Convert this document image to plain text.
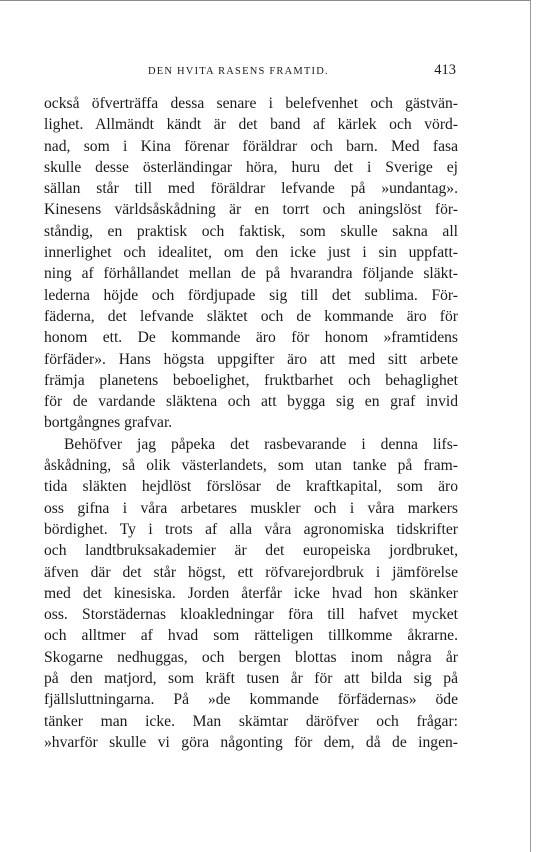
DEN HVITA RASENS FRAMTID.	413
också öfverträffa dessa senare i belefvenhet och gästvän-
lighet. Allmändt kändt är det band af kärlek och vörd-
nad, som i Kina förenar föräldrar och barn. Med fasa
skulle desse österländingar höra, huru det i Sverige ej
sällan står till med föräldrar lefvande på »undantag».
Kinesens världsåskådning är en torrt och aningslöst för-
ståndig, en praktisk och faktisk, som skulle sakna all
innerlighet och idealitet, om den icke just i sin uppfatt-
ning af förhållandet mellan de på hvarandra följande släkt-
lederna höjde och fördjupade sig till det sublima. För-
fäderna, det lefvande släktet och de kommande äro för
honom ett. De kommande äro för honom »framtidens
förfäder». Hans högsta uppgifter äro att med sitt arbete
främja planetens beboelighet, fruktbarhet och behaglighet
för de vardande släktena och att bygga sig en graf invid
bortgångnes grafvar.
Behöfver jag påpeka det rasbevarande i denna lifs-
åskådning, så olik västerlandets, som utan tanke på fram-
tida släkten hejdlöst förslösar de kraftkapital, som äro
oss gifna i våra arbetares muskler och i våra markers
bördighet. Ty i trots af alla våra agronomiska tidskrifter
och landtbruksakademier är det europeiska jordbruket,
äfven där det står högst, ett röfvarejordbruk i jämförelse
med det kinesiska. Jorden återfår icke hvad hon skänker
oss. Storstädernas kloakledningar föra till hafvet mycket
och alltmer af hvad som rätteligen tillkomme åkrarne.
Skogarne nedhuggas, och bergen blottas inom några år
på den matjord, som kräft tusen år för att bilda sig på
fjällsluttningarna. På »de kommande förfädernas» öde
tänker man icke. Man skämtar däröfver och frågar:
»hvarför skulle vi göra någonting för dem, då de ingen-
